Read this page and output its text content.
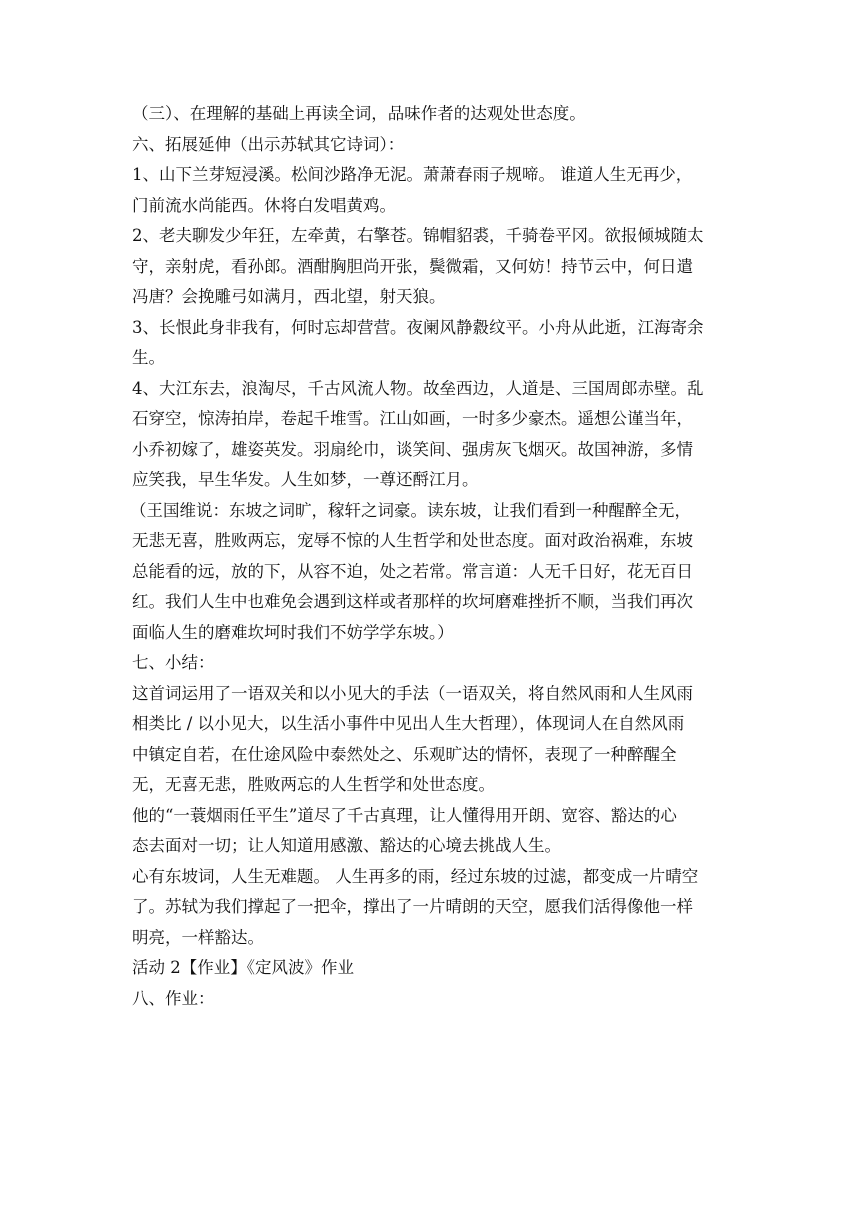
（三）、在理解的基础上再读全词，品味作者的达观处世态度。
六、拓展延伸（出示苏轼其它诗词）：
1、山下兰芽短浸溪。松间沙路净无泥。萧萧春雨子规啼。 谁道人生无再少，
门前流水尚能西。休将白发唱黄鸡。
2、老夫聊发少年狂，左牵黄，右擎苍。锦帽貂裘，千骑卷平冈。欲报倾城随太
守，亲射虎，看孙郎。酒酣胸胆尚开张，鬓微霜，又何妨！持节云中，何日遣
冯唐？会挽雕弓如满月，西北望，射天狼。
3、长恨此身非我有，何时忘却营营。夜阑风静縠纹平。小舟从此逝，江海寄余
生。
4、大江东去，浪淘尽，千古风流人物。故垒西边，人道是、三国周郎赤壁。乱
石穿空，惊涛拍岸，卷起千堆雪。江山如画，一时多少豪杰。遥想公谨当年，
小乔初嫁了，雄姿英发。羽扇纶巾，谈笑间、强虏灰飞烟灭。故国神游，多情
应笑我，早生华发。人生如梦，一尊还酹江月。
（王国维说：东坡之词旷，稼轩之词豪。读东坡，让我们看到一种醒醉全无，
无悲无喜，胜败两忘，宠辱不惊的人生哲学和处世态度。面对政治祸难，东坡
总能看的远，放的下，从容不迫，处之若常。常言道：人无千日好，花无百日
红。我们人生中也难免会遇到这样或者那样的坎坷磨难挫折不顺，当我们再次
面临人生的磨难坎坷时我们不妨学学东坡。）
七、小结：
这首词运用了一语双关和以小见大的手法（一语双关，将自然风雨和人生风雨
相类比 / 以小见大，以生活小事件中见出人生大哲理），体现词人在自然风雨
中镇定自若，在仕途风险中泰然处之、乐观旷达的情怀，表现了一种醉醒全
无，无喜无悲，胜败两忘的人生哲学和处世态度。
他的“一蓑烟雨任平生”道尽了千古真理，让人懂得用开朗、宽容、豁达的心
态去面对一切；让人知道用感激、豁达的心境去挑战人生。
心有东坡词，人生无难题。 人生再多的雨，经过东坡的过滤，都变成一片晴空
了。苏轼为我们撑起了一把伞，撑出了一片晴朗的天空，愿我们活得像他一样
明亮，一样豁达。
活动 2【作业】《定风波》作业
八、作业：
